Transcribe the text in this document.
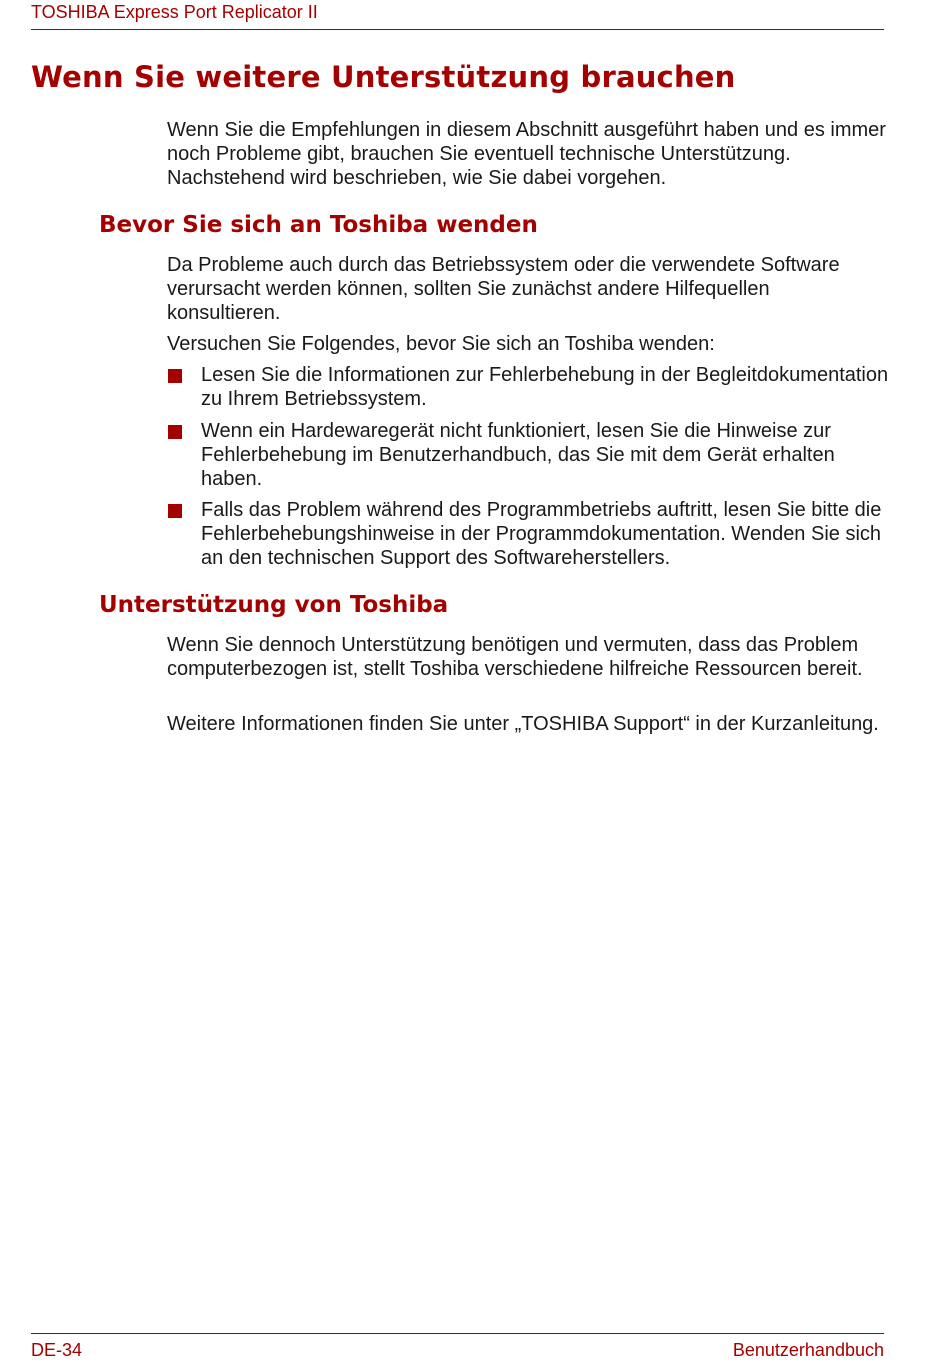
TOSHIBA Express Port Replicator II
Wenn Sie weitere Unterstützung brauchen

Wenn Sie die Empfehlungen in diesem Abschnitt ausgeführt haben und es immer noch Probleme gibt, brauchen Sie eventuell technische Unterstützung. Nachstehend wird beschrieben, wie Sie dabei vorgehen.

Bevor Sie sich an Toshiba wenden

Da Probleme auch durch das Betriebssystem oder die verwendete Software verursacht werden können, sollten Sie zunächst andere Hilfequellen konsultieren.

Versuchen Sie Folgendes, bevor Sie sich an Toshiba wenden:

Lesen Sie die Informationen zur Fehlerbehebung in der Begleitdokumentation zu Ihrem Betriebssystem.

Wenn ein Hardewaregerät nicht funktioniert, lesen Sie die Hinweise zur Fehlerbehebung im Benutzerhandbuch, das Sie mit dem Gerät erhalten haben.

Falls das Problem während des Programmbetriebs auftritt, lesen Sie bitte die Fehlerbehebungshinweise in der Programmdokumentation. Wenden Sie sich an den technischen Support des Softwareherstellers.

Unterstützung von Toshiba

Wenn Sie dennoch Unterstützung benötigen und vermuten, dass das Problem computerbezogen ist, stellt Toshiba verschiedene hilfreiche Ressourcen bereit.

Weitere Informationen finden Sie unter „TOSHIBA Support“ in der Kurzanleitung.

DE-34	Benutzerhandbuch
